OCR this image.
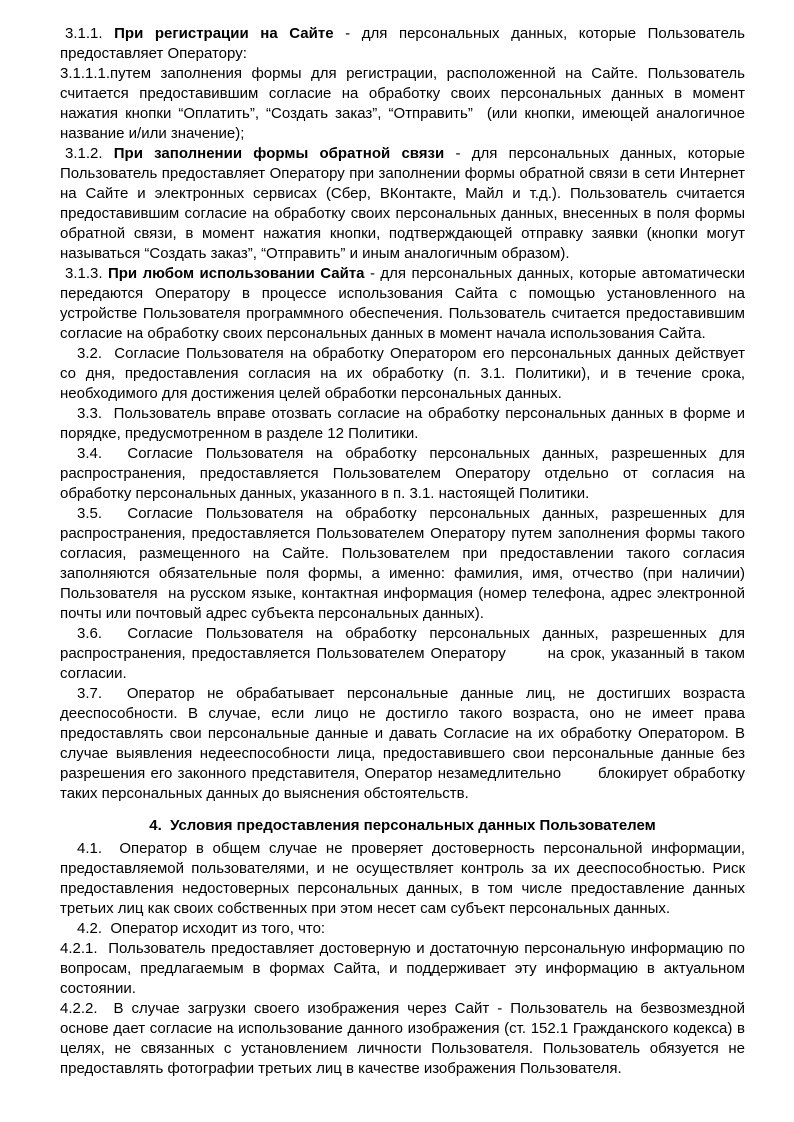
3.1.1. При регистрации на Сайте - для персональных данных, которые Пользователь предоставляет Оператору:

3.1.1.1.путем заполнения формы для регистрации, расположенной на Сайте. Пользователь считается предоставившим согласие на обработку своих персональных данных в момент нажатия кнопки “Оплатить”, “Создать заказ”, “Отправить”  (или кнопки, имеющей аналогичное название и/или значение);

3.1.2. При заполнении формы обратной связи - для персональных данных, которые Пользователь предоставляет Оператору при заполнении формы обратной связи в сети Интернет на Сайте и электронных сервисах (Сбер, ВКонтакте, Майл и т.д.). Пользователь считается предоставившим согласие на обработку своих персональных данных, внесенных в поля формы обратной связи, в момент нажатия кнопки, подтверждающей отправку заявки (кнопки могут называться “Создать заказ”, “Отправить” и иным аналогичным образом).

3.1.3. При любом использовании Сайта - для персональных данных, которые автоматически передаются Оператору в процессе использования Сайта с помощью установленного на устройстве Пользователя программного обеспечения. Пользователь считается предоставившим согласие на обработку своих персональных данных в момент начала использования Сайта.

3.2.  Согласие Пользователя на обработку Оператором его персональных данных действует со дня, предоставления согласия на их обработку (п. 3.1. Политики), и в течение срока, необходимого для достижения целей обработки персональных данных.

3.3.  Пользователь вправе отозвать согласие на обработку персональных данных в форме и порядке, предусмотренном в разделе 12 Политики.

3.4.  Согласие Пользователя на обработку персональных данных, разрешенных для распространения, предоставляется Пользователем Оператору отдельно от согласия на обработку персональных данных, указанного в п. 3.1. настоящей Политики.

3.5.  Согласие Пользователя на обработку персональных данных, разрешенных для распространения, предоставляется Пользователем Оператору путем заполнения формы такого согласия, размещенного на Сайте. Пользователем при предоставлении такого согласия заполняются обязательные поля формы, а именно: фамилия, имя, отчество (при наличии) Пользователя  на русском языке, контактная информация (номер телефона, адрес электронной почты или почтовый адрес субъекта персональных данных).

3.6.  Согласие Пользователя на обработку персональных данных, разрешенных для распространения, предоставляется Пользователем Оператору       на срок, указанный в таком согласии.

3.7.  Оператор не обрабатывает персональные данные лиц, не достигших возраста дееспособности. В случае, если лицо не достигло такого возраста, оно не имеет права предоставлять свои персональные данные и давать Согласие на их обработку Оператором. В случае выявления недееспособности лица, предоставившего свои персональные данные без разрешения его законного представителя, Оператор незамедлительно       блокирует обработку таких персональных данных до выяснения обстоятельств.

4.  Условия предоставления персональных данных Пользователем

4.1.  Оператор в общем случае не проверяет достоверность персональной информации, предоставляемой пользователями, и не осуществляет контроль за их дееспособностью. Риск предоставления недостоверных персональных данных, в том числе предоставление данных третьих лиц как своих собственных при этом несет сам субъект персональных данных.

4.2.  Оператор исходит из того, что:

4.2.1.  Пользователь предоставляет достоверную и достаточную персональную информацию по вопросам, предлагаемым в формах Сайта, и поддерживает эту информацию в актуальном состоянии.

4.2.2.  В случае загрузки своего изображения через Сайт - Пользователь на безвозмездной основе дает согласие на использование данного изображения (ст. 152.1 Гражданского кодекса) в целях, не связанных с установлением личности Пользователя. Пользователь обязуется не предоставлять фотографии третьих лиц в качестве изображения Пользователя.
